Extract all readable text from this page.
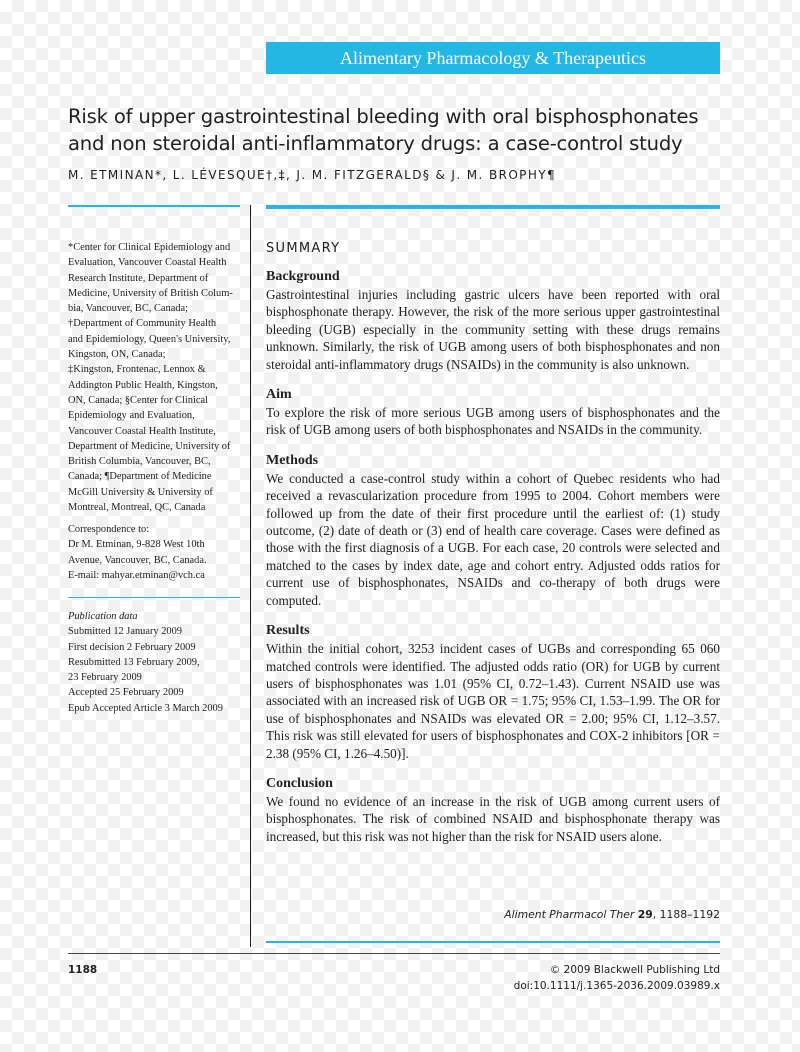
Alimentary Pharmacology & Therapeutics
Risk of upper gastrointestinal bleeding with oral bisphosphonates
and non steroidal anti-inflammatory drugs: a case-control study
M. ETMINAN*, L. LÉVESQUE†,‡, J. M. FITZGERALD§ & J. M. BROPHY¶

*Center for Clinical Epidemiology and

Evaluation, Vancouver Coastal Health

Research Institute, Department of

Medicine, University of British Colum-

bia, Vancouver, BC, Canada;

†Department of Community Health

and Epidemiology, Queen's University,

Kingston, ON, Canada;

‡Kingston, Frontenac, Lennox &

Addington Public Health, Kingston,

ON, Canada; §Center for Clinical

Epidemiology and Evaluation,

Vancouver Coastal Health Institute,

Department of Medicine, University of

British Columbia, Vancouver, BC,

Canada; ¶Department of Medicine

McGill University & University of

Montreal, Montreal, QC, Canada

Correspondence to:

Dr M. Etminan, 9-828 West 10th

Avenue, Vancouver, BC, Canada.

E-mail: mahyar.etminan@vch.ca

Publication data

Submitted 12 January 2009

First decision 2 February 2009

Resubmitted 13 February 2009,

23 February 2009

Accepted 25 February 2009

Epub Accepted Article 3 March 2009

SUMMARY
Background

Gastrointestinal injuries including gastric ulcers have been reported with oral bisphosphonate therapy. However, the risk of the more serious upper gastrointestinal bleeding (UGB) especially in the community setting with these drugs remains unknown. Similarly, the risk of UGB among users of both bisphosphonates and non steroidal anti-inflammatory drugs (NSAIDs) in the community is also unknown.

Aim

To explore the risk of more serious UGB among users of bisphosphonates and the risk of UGB among users of both bisphosphonates and NSAIDs in the community.

Methods

We conducted a case-control study within a cohort of Quebec residents who had received a revascularization procedure from 1995 to 2004. Cohort members were followed up from the date of their first procedure until the earliest of: (1) study outcome, (2) date of death or (3) end of health care coverage. Cases were defined as those with the first diagnosis of a UGB. For each case, 20 controls were selected and matched to the cases by index date, age and cohort entry. Adjusted odds ratios for current use of bisphosphonates, NSAIDs and co-therapy of both drugs were computed.

Results

Within the initial cohort, 3253 incident cases of UGBs and corresponding 65 060 matched controls were identified. The adjusted odds ratio (OR) for UGB by current users of bisphosphonates was 1.01 (95% CI, 0.72–1.43). Current NSAID use was associated with an increased risk of UGB OR = 1.75; 95% CI, 1.53–1.99. The OR for use of bisphosphonates and NSAIDs was elevated OR = 2.00; 95% CI, 1.12–3.57. This risk was still elevated for users of bisphosphonates and COX-2 inhibitors [OR = 2.38 (95% CI, 1.26–4.50)].

Conclusion

We found no evidence of an increase in the risk of UGB among current users of bisphosphonates. The risk of combined NSAID and bisphosphonate therapy was increased, but this risk was not higher than the risk for NSAID users alone.

Aliment Pharmacol Ther 29, 1188–1192
1188	© 2009 Blackwell Publishing Ltd
doi:10.1111/j.1365-2036.2009.03989.x
